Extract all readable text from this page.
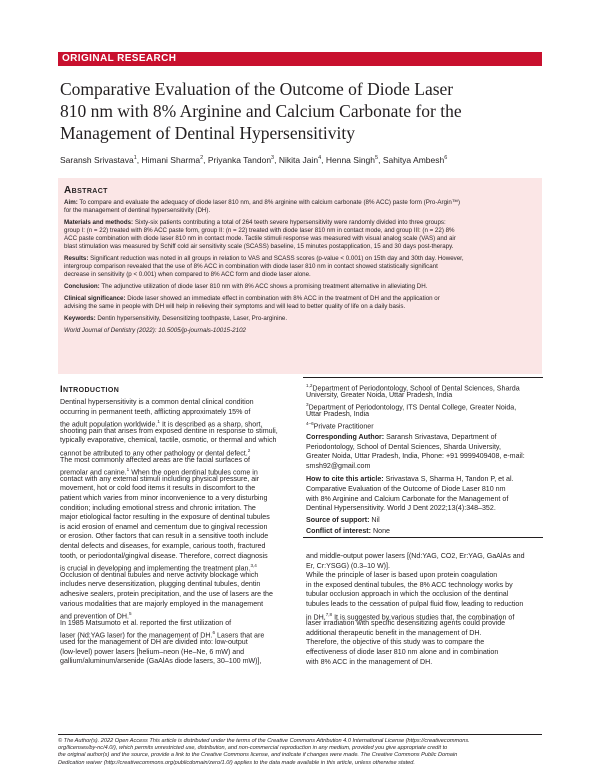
ORIGINAL RESEARCH
Comparative Evaluation of the Outcome of Diode Laser
810 nm with 8% Arginine and Calcium Carbonate for the
Management of Dentinal Hypersensitivity
Saransh Srivastava$^1$, Himani Sharma$^2$, Priyanka Tandon$^3$, Nikita Jain$^4$, Henna Singh$^5$, Sahitya Ambesh$^6$
Abstract
Aim: To compare and evaluate the adequacy of diode laser 810 nm, and 8% arginine with calcium carbonate (8% ACC) paste form (Pro-Argin™)
for the management of dentinal hypersensitivity (DH).
Materials and methods: Sixty-six patients contributing a total of 264 teeth severe hypersensitivity were randomly divided into three groups:
group I: (n = 22) treated with 8% ACC paste form, group II: (n = 22) treated with diode laser 810 nm in contact mode, and group III: (n = 22) 8%
ACC paste combination with diode laser 810 nm in contact mode. Tactile stimuli response was measured with visual analog scale (VAS) and air
blast stimulation was measured by Schiff cold air sensitivity scale (SCASS) baseline, 15 minutes postapplication, 15 and 30 days post-therapy.
Results: Significant reduction was noted in all groups in relation to VAS and SCASS scores (p-value < 0.001) on 15th day and 30th day. However,
intergroup comparison revealed that the use of 8% ACC in combination with diode laser 810 nm in contact showed statistically significant
decrease in sensitivity (p < 0.001) when compared to 8% ACC form and diode laser alone.
Conclusion: The adjunctive utilization of diode laser 810 nm with 8% ACC shows a promising treatment alternative in alleviating DH.
Clinical significance: Diode laser showed an immediate effect in combination with 8% ACC in the treatment of DH and the application or
advising the same in people with DH will help in relieving their symptoms and will lead to better quality of life on a daily basis.
Keywords: Dentin hypersensitivity, Desensitizing toothpaste, Laser, Pro-arginine.
World Journal of Dentistry (2022): 10.5005/jp-journals-10015-2102
Introduction
Dentinal hypersensitivity is a common dental clinical condition
occurring in permanent teeth, afflicting approximately 15% of
the adult population worldwide.$^1$ It is described as a sharp, short,
shooting pain that arises from exposed dentine in response to stimuli,
typically evaporative, chemical, tactile, osmotic, or thermal and which
cannot be attributed to any other pathology or dental defect.$^2$
The most commonly affected areas are the facial surfaces of
premolar and canine.$^1$ When the open dentinal tubules come in
contact with any external stimuli including physical pressure, air
movement, hot or cold food items it results in discomfort to the
patient which varies from minor inconvenience to a very disturbing
condition; including emotional stress and chronic irritation. The
major etiological factor resulting in the exposure of dentinal tubules
is acid erosion of enamel and cementum due to gingival recession
or erosion. Other factors that can result in a sensitive tooth include
dental defects and diseases, for example, carious tooth, fractured
tooth, or periodontal/gingival disease. Therefore, correct diagnosis
is crucial in developing and implementing the treatment plan.$^{3,4}$
Occlusion of dentinal tubules and nerve activity blockage which
includes nerve desensitization, plugging dentinal tubules, dentin
adhesive sealers, protein precipitation, and the use of lasers are the
various modalities that are majorly employed in the management
and prevention of DH.$^5$
In 1985 Matsumoto et al. reported the first utilization of
laser (Nd:YAG laser) for the management of DH.$^6$ Lasers that are
used for the management of DH are divided into: low-output
(low-level) power lasers [helium–neon (He–Ne, 6 mW) and
gallium/aluminum/arsenide (GaAlAs diode lasers, 30–100 mW)],
$^{1,2}$Department of Periodontology, School of Dental Sciences, Sharda
University, Greater Noida, Uttar Pradesh, India
$^3$Department of Periodontology, ITS Dental College, Greater Noida,
Uttar Pradesh, India
$^{4-6}$Private Practitioner
Corresponding Author: Saransh Srivastava, Department of
Periodontology, School of Dental Sciences, Sharda University,
Greater Noida, Uttar Pradesh, India, Phone: +91 9999409408, e-mail:
smsh92@gmail.com
How to cite this article: Srivastava S, Sharma H, Tandon P, et al.
Comparative Evaluation of the Outcome of Diode Laser 810 nm
with 8% Arginine and Calcium Carbonate for the Management of
Dentinal Hypersensitivity. World J Dent 2022;13(4):348–352.
Source of support: Nil
Conflict of interest: None
and middle-output power lasers [(Nd:YAG, CO2, Er:YAG, GaAlAs and
Er, Cr:YSGG) (0.3–10 W)].
While the principle of laser is based upon protein coagulation
in the exposed dentinal tubules, the 8% ACC technology works by
tubular occlusion approach in which the occlusion of the dentinal
tubules leads to the cessation of pulpal fluid flow, leading to reduction
in DH.$^{7,8}$ It is suggested by various studies that, the combination of
laser irradiation with specific desensitizing agents could provide
additional therapeutic benefit in the management of DH.
Therefore, the objective of this study was to compare the
effectiveness of diode laser 810 nm alone and in combination
with 8% ACC in the management of DH.
© The Author(s). 2022 Open Access This article is distributed under the terms of the Creative Commons Attribution 4.0 International License (https://creativecommons.
org/licenses/by-nc/4.0/), which permits unrestricted use, distribution, and non-commercial reproduction in any medium, provided you give appropriate credit to
the original author(s) and the source, provide a link to the Creative Commons license, and indicate if changes were made. The Creative Commons Public Domain
Dedication waiver (http://creativecommons.org/publicdomain/zero/1.0/) applies to the data made available in this article, unless otherwise stated.
